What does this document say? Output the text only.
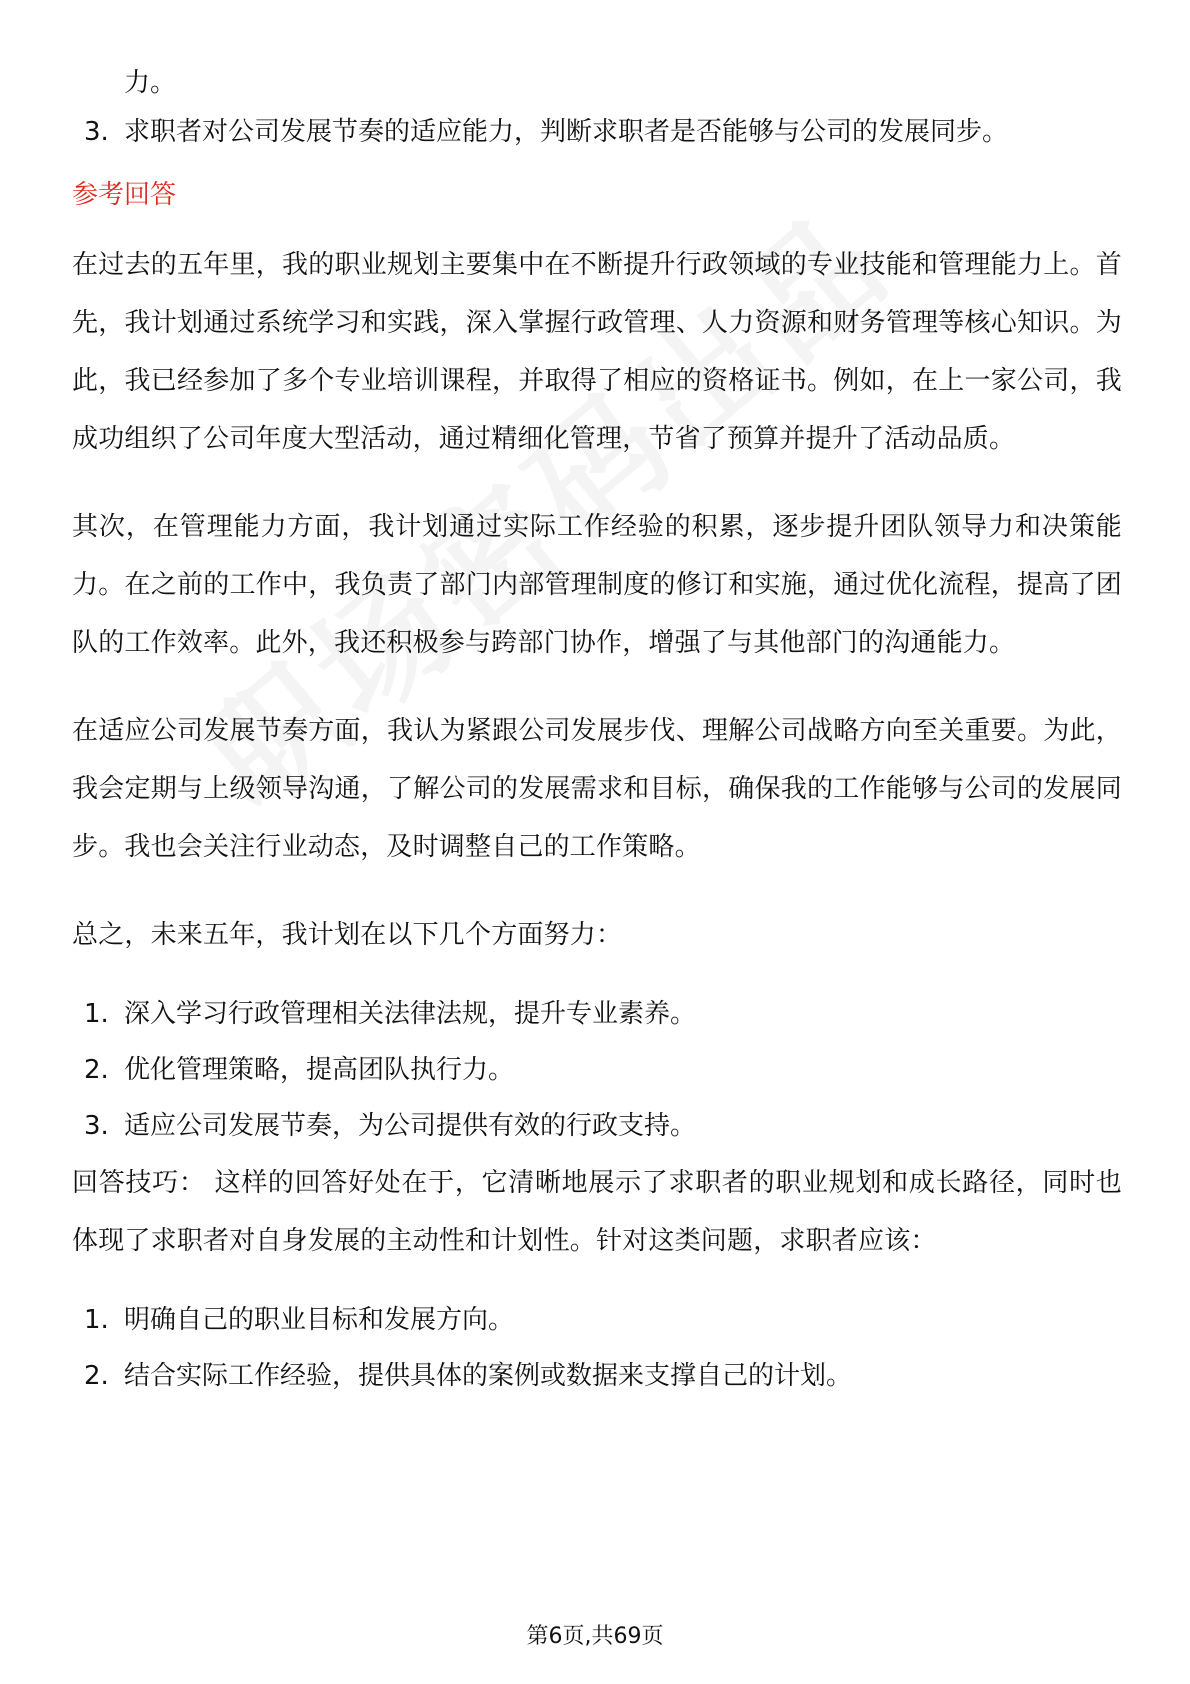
力。

3. 求职者对公司发展节奏的适应能力，判断求职者是否能够与公司的发展同步。
参考回答

在过去的五年里，我的职业规划主要集中在不断提升行政领域的专业技能和管理能力上。首先，我计划通过系统学习和实践，深入掌握行政管理、人力资源和财务管理等核心知识。为此，我已经参加了多个专业培训课程，并取得了相应的资格证书。例如，在上一家公司，我成功组织了公司年度大型活动，通过精细化管理，节省了预算并提升了活动品质。

其次，在管理能力方面，我计划通过实际工作经验的积累，逐步提升团队领导力和决策能力。在之前的工作中，我负责了部门内部管理制度的修订和实施，通过优化流程，提高了团队的工作效率。此外，我还积极参与跨部门协作，增强了与其他部门的沟通能力。

在适应公司发展节奏方面，我认为紧跟公司发展步伐、理解公司战略方向至关重要。为此，我会定期与上级领导沟通，了解公司的发展需求和目标，确保我的工作能够与公司的发展同步。我也会关注行业动态，及时调整自己的工作策略。

总之，未来五年，我计划在以下几个方面努力：

1. 深入学习行政管理相关法律法规，提升专业素养。
2. 优化管理策略，提高团队执行力。
3. 适应公司发展节奏，为公司提供有效的行政支持。

回答技巧： 这样的回答好处在于，它清晰地展示了求职者的职业规划和成长路径，同时也体现了求职者对自身发展的主动性和计划性。针对这类问题，求职者应该：

1. 明确自己的职业目标和发展方向。
2. 结合实际工作经验，提供具体的案例或数据来支撑自己的计划。
第6页,共69页
